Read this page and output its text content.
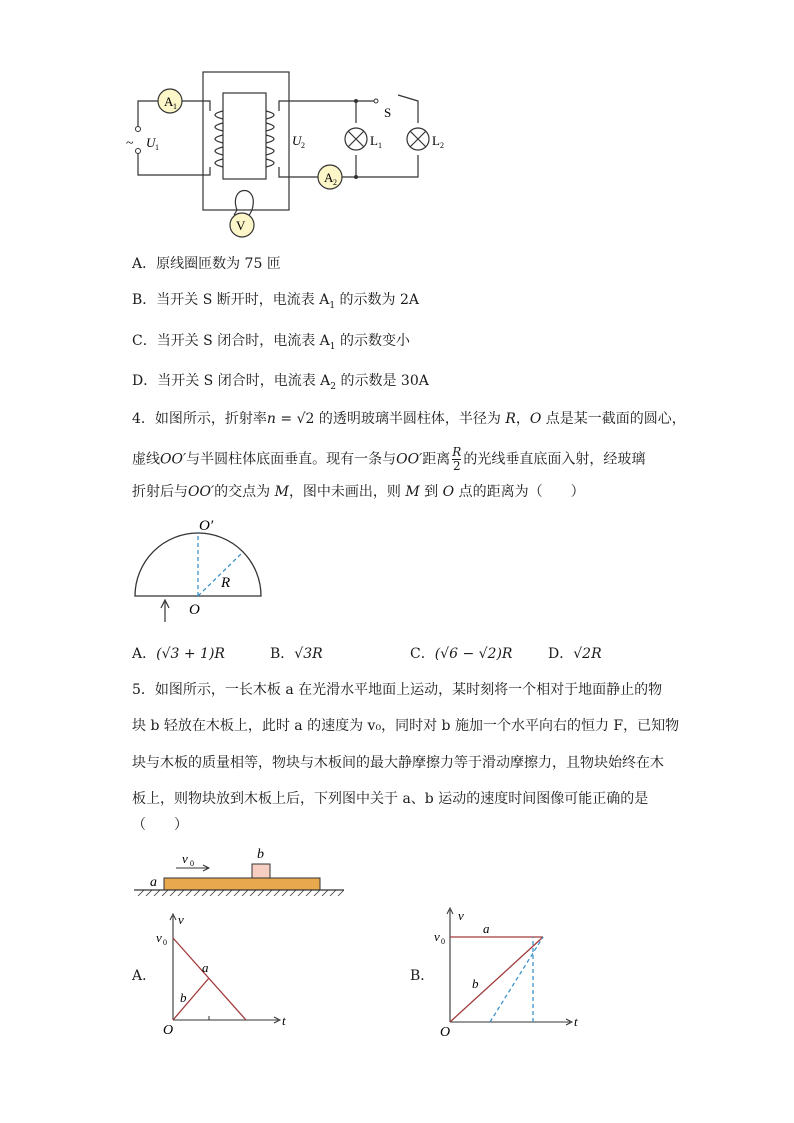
A 1
A 2
V
L 1	L 2
~ U 1	U 2
S
A．原线圈匝数为 75 匝
B．当开关 S 断开时，电流表 $A_1$ 的示数为 2A
C．当开关 S 闭合时，电流表 $A_1$ 的示数变小
D．当开关 S 闭合时，电流表 $A_2$ 的示数是 30A
4．如图所示，折射率n = √2 的透明玻璃半圆柱体，半径为 R，O 点是某一截面的圆心，
虚线OO′与半圆柱体底面垂直。现有一条与OO′距离 $\frac{R}{2}$ 的光线垂直底面入射，经玻璃
折射后与OO′的交点为 M，图中未画出，则 M 到 O 点的距离为（　　）
O′
R
O
A．(√3 + 1)R	B．√3R	C．(√6 − √2)R	D．√2R
5．如图所示，一长木板 a 在光滑水平地面上运动，某时刻将一个相对于地面静止的物
块 b 轻放在木板上，此时 a 的速度为 v₀，同时对 b 施加一个水平向右的恒力 F，已知物
块与木板的质量相等，物块与木板间的最大静摩擦力等于滑动摩擦力，且物块始终在木
板上，则物块放到木板上后，下列图中关于 a、b 运动的速度时间图像可能正确的是
（　　）
v 0
a
b
A．
v
v 0
t
O
a
b
B．
v
v 0
t
O
a
b
